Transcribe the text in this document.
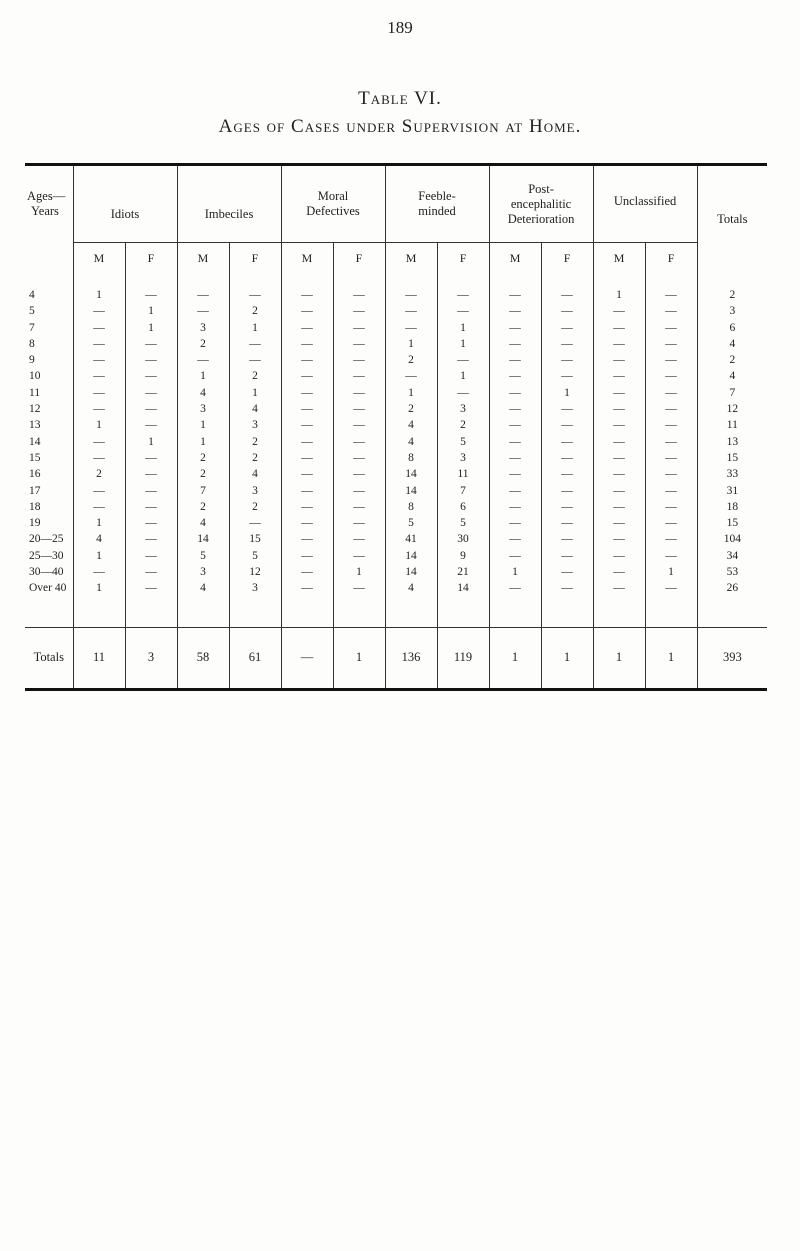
189
Table VI.
Ages of Cases under Supervision at Home.
Ages—
Years	Idiots		Imbeciles		Moral
Defectives		Feeble-
minded		Post-
encephalitic
Deterioration		Unclassified		Totals
	M	F	M	F	M	F	M	F	M	F	M	F	
4	1	—	—	—	—	—	—	—	—	—	1	—	2
5	—	1	—	2	—	—	—	—	—	—	—	—	3
7	—	1	3	1	—	—	—	1	—	—	—	—	6
8	—	—	2	—	—	—	1	1	—	—	—	—	4
9	—	—	—	—	—	—	2	—	—	—	—	—	2
10	—	—	1	2	—	—	—	1	—	—	—	—	4
11	—	—	4	1	—	—	1	—	—	1	—	—	7
12	—	—	3	4	—	—	2	3	—	—	—	—	12
13	1	—	1	3	—	—	4	2	—	—	—	—	11
14	—	1	1	2	—	—	4	5	—	—	—	—	13
15	—	—	2	2	—	—	8	3	—	—	—	—	15
16	2	—	2	4	—	—	14	11	—	—	—	—	33
17	—	—	7	3	—	—	14	7	—	—	—	—	31
18	—	—	2	2	—	—	8	6	—	—	—	—	18
19	1	—	4	—	—	—	5	5	—	—	—	—	15
20—25	4	—	14	15	—	—	41	30	—	—	—	—	104
25—30	1	—	5	5	—	—	14	9	—	—	—	—	34
30—40	—	—	3	12	—	1	14	21	1	—	—	1	53
Over 40	1	—	4	3	—	—	4	14	—	—	—	—	26
Totals	11	3	58	61	—	1	136	119	1	1	1	1	393
